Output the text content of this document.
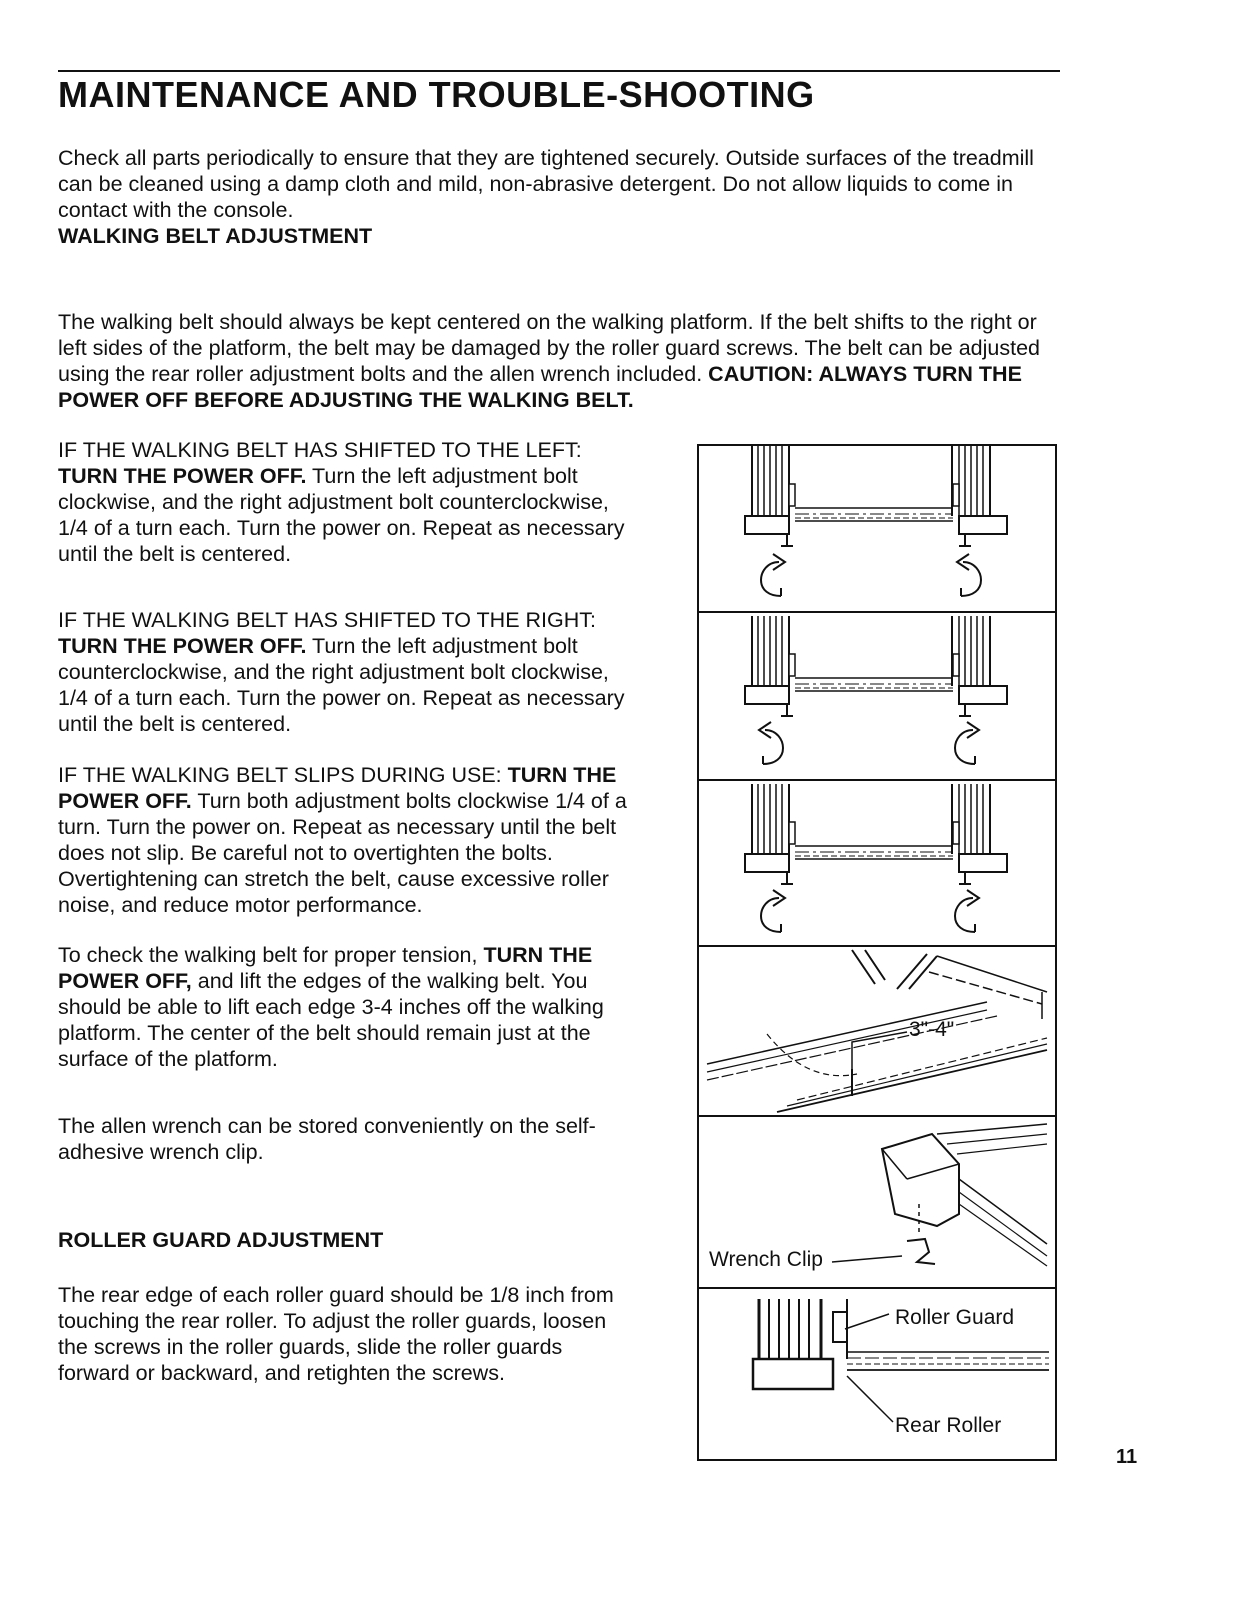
MAINTENANCE AND TROUBLE-SHOOTING

Check all parts periodically to ensure that they are tightened securely. Outside surfaces of the treadmill can be cleaned using a damp cloth and mild, non-abrasive detergent. Do not allow liquids to come in contact with the console.

WALKING BELT ADJUSTMENT

The walking belt should always be kept centered on the walking platform. If the belt shifts to the right or left sides of the platform, the belt may be damaged by the roller guard screws. The belt can be adjusted using the rear roller adjustment bolts and the allen wrench included. CAUTION: ALWAYS TURN THE POWER OFF BEFORE ADJUSTING THE WALKING BELT.

IF THE WALKING BELT HAS SHIFTED TO THE LEFT: TURN THE POWER OFF. Turn the left adjustment bolt clockwise, and the right adjustment bolt counterclockwise, 1/4 of a turn each. Turn the power on. Repeat as necessary until the belt is centered.

IF THE WALKING BELT HAS SHIFTED TO THE RIGHT: TURN THE POWER OFF. Turn the left adjustment bolt counterclockwise, and the right adjustment bolt clockwise, 1/4 of a turn each. Turn the power on. Repeat as necessary until the belt is centered.

IF THE WALKING BELT SLIPS DURING USE: TURN THE POWER OFF. Turn both adjustment bolts clockwise 1/4 of a turn. Turn the power on. Repeat as necessary until the belt does not slip. Be careful not to overtighten the bolts. Overtightening can stretch the belt, cause excessive roller noise, and reduce motor performance.

To check the walking belt for proper tension, TURN THE POWER OFF, and lift the edges of the walking belt. You should be able to lift each edge 3-4 inches off the walking platform. The center of the belt should remain just at the surface of the platform.

The allen wrench can be stored conveniently on the self-adhesive wrench clip.

ROLLER GUARD ADJUSTMENT

The rear edge of each roller guard should be 1/8 inch from touching the rear roller. To adjust the roller guards, loosen the screws in the roller guards, slide the roller guards forward or backward, and retighten the screws.

11
3"-4"
Wrench Clip
Roller Guard
Rear Roller
